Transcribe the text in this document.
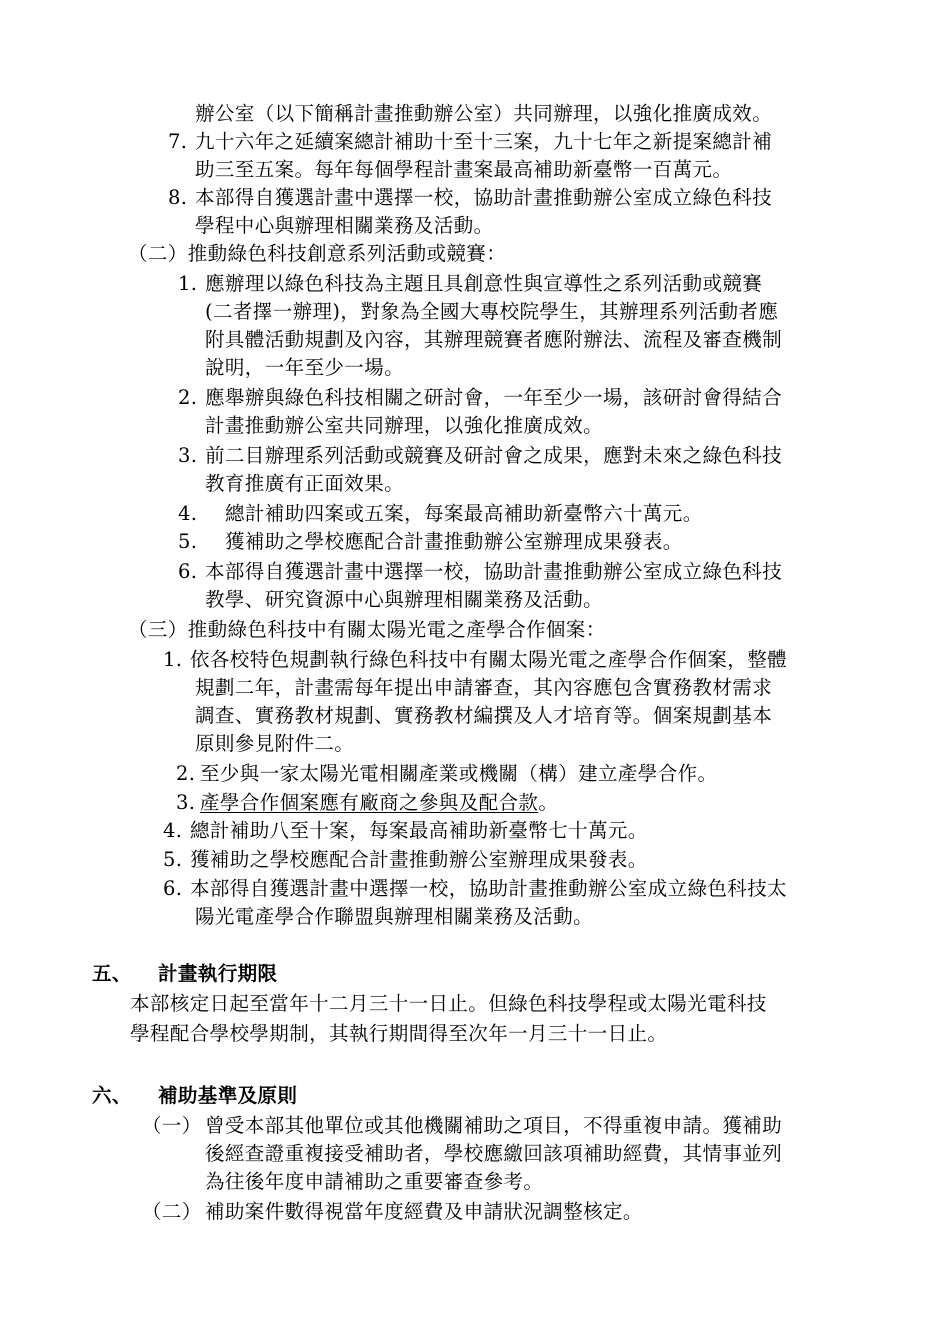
辦公室（以下簡稱計畫推動辦公室）共同辦理，以強化推廣成效。
7. 九十六年之延續案總計補助十至十三案，九十七年之新提案總計補
助三至五案。每年每個學程計畫案最高補助新臺幣一百萬元。
8. 本部得自獲選計畫中選擇一校，協助計畫推動辦公室成立綠色科技
學程中心與辦理相關業務及活動。
（二）推動綠色科技創意系列活動或競賽：
1. 應辦理以綠色科技為主題且具創意性與宣導性之系列活動或競賽
(二者擇一辦理)，對象為全國大專校院學生，其辦理系列活動者應
附具體活動規劃及內容，其辦理競賽者應附辦法、流程及審查機制
說明，一年至少一場。
2. 應舉辦與綠色科技相關之研討會，一年至少一場，該研討會得結合
計畫推動辦公室共同辦理，以強化推廣成效。
3. 前二目辦理系列活動或競賽及研討會之成果，應對未來之綠色科技
教育推廣有正面效果。
4. 總計補助四案或五案，每案最高補助新臺幣六十萬元。
5. 獲補助之學校應配合計畫推動辦公室辦理成果發表。
6. 本部得自獲選計畫中選擇一校，協助計畫推動辦公室成立綠色科技
教學、研究資源中心與辦理相關業務及活動。
（三）推動綠色科技中有關太陽光電之產學合作個案：
1. 依各校特色規劃執行綠色科技中有關太陽光電之產學合作個案，整體
規劃二年，計畫需每年提出申請審查，其內容應包含實務教材需求
調查、實務教材規劃、實務教材編撰及人才培育等。個案規劃基本
原則參見附件二。
2. 至少與一家太陽光電相關產業或機關（構）建立產學合作。
3. 產學合作個案應有廠商之參與及配合款。
4. 總計補助八至十案，每案最高補助新臺幣七十萬元。
5. 獲補助之學校應配合計畫推動辦公室辦理成果發表。
6. 本部得自獲選計畫中選擇一校，協助計畫推動辦公室成立綠色科技太
陽光電產學合作聯盟與辦理相關業務及活動。
五、 計畫執行期限
本部核定日起至當年十二月三十一日止。但綠色科技學程或太陽光電科技
學程配合學校學期制，其執行期間得至次年一月三十一日止。
六、 補助基準及原則
（一） 曾受本部其他單位或其他機關補助之項目，不得重複申請。獲補助
後經查證重複接受補助者，學校應繳回該項補助經費，其情事並列
為往後年度申請補助之重要審查參考。
（二） 補助案件數得視當年度經費及申請狀況調整核定。
